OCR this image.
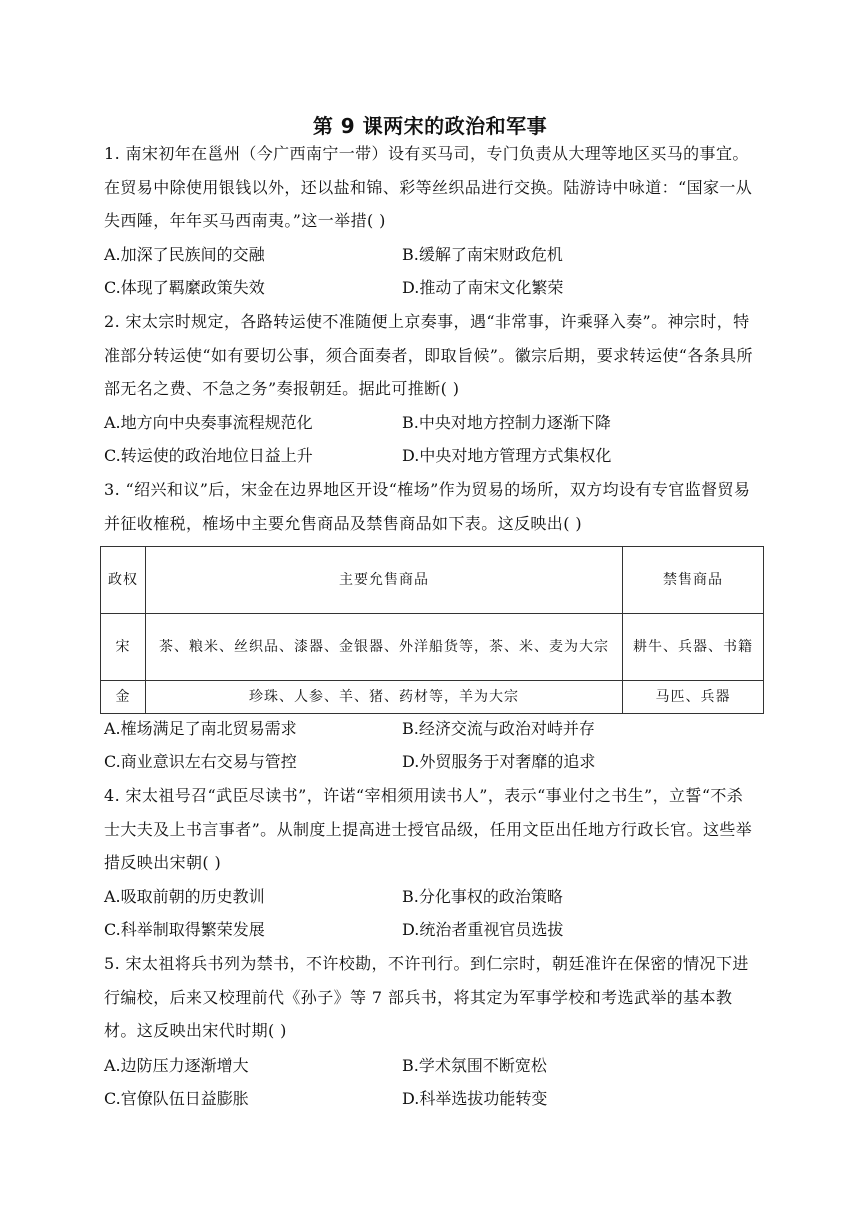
第 9 课两宋的政治和军事

1. 南宋初年在邕州（今广西南宁一带）设有买马司，专门负责从大理等地区买马的事宜。在贸易中除使用银钱以外，还以盐和锦、彩等丝织品进行交换。陆游诗中咏道：“国家一从失西陲，年年买马西南夷。”这一举措( )

A.加深了民族间的交融	B.缓解了南宋财政危机
C.体现了羁縻政策失效	D.推动了南宋文化繁荣

2. 宋太宗时规定，各路转运使不准随便上京奏事，遇“非常事，许乘驿入奏”。神宗时，特准部分转运使“如有要切公事，须合面奏者，即取旨候”。徽宗后期，要求转运使“各条具所部无名之费、不急之务”奏报朝廷。据此可推断( )

A.地方向中央奏事流程规范化	B.中央对地方控制力逐渐下降
C.转运使的政治地位日益上升	D.中央对地方管理方式集权化

3. “绍兴和议”后，宋金在边界地区开设“榷场”作为贸易的场所，双方均设有专官监督贸易并征收榷税，榷场中主要允售商品及禁售商品如下表。这反映出( )

政权	主要允售商品	禁售商品
宋	茶、粮米、丝织品、漆器、金银器、外洋船货等，茶、米、麦为大宗	耕牛、兵器、书籍
金	珍珠、人参、羊、猪、药材等，羊为大宗	马匹、兵器
A.榷场满足了南北贸易需求	B.经济交流与政治对峙并存
C.商业意识左右交易与管控	D.外贸服务于对奢靡的追求

4. 宋太祖号召“武臣尽读书”，许诺“宰相须用读书人”，表示“事业付之书生”，立誓“不杀士大夫及上书言事者”。从制度上提高进士授官品级，任用文臣出任地方行政长官。这些举措反映出宋朝( )

A.吸取前朝的历史教训	B.分化事权的政治策略
C.科举制取得繁荣发展	D.统治者重视官员选拔

5. 宋太祖将兵书列为禁书，不许校勘，不许刊行。到仁宗时，朝廷准许在保密的情况下进行编校，后来又校理前代《孙子》等 7 部兵书，将其定为军事学校和考选武举的基本教材。这反映出宋代时期( )

A.边防压力逐渐增大	B.学术氛围不断宽松
C.官僚队伍日益膨胀	D.科举选拔功能转变
